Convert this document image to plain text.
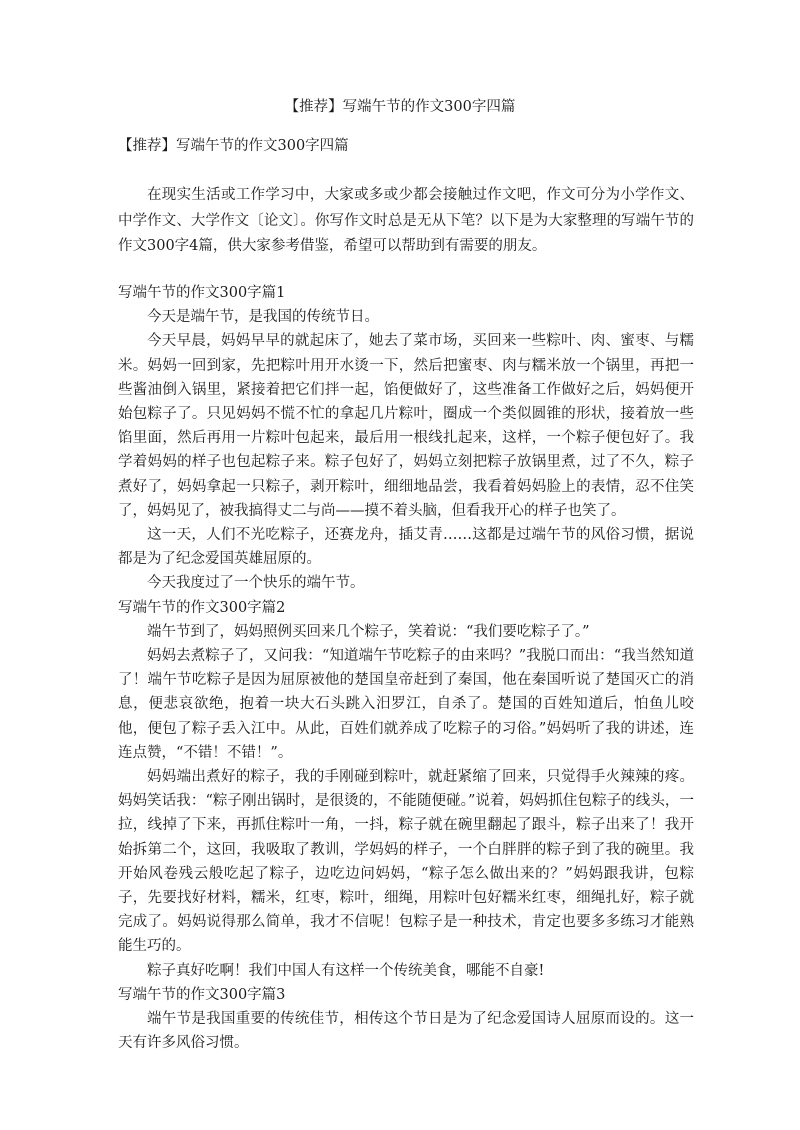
【推荐】写端午节的作文300字四篇
【推荐】写端午节的作文300字四篇

在现实生活或工作学习中，大家或多或少都会接触过作文吧，作文可分为小学作文、中学作文、大学作文〔论文〕。你写作文时总是无从下笔？以下是为大家整理的写端午节的作文300字4篇，供大家参考借鉴，希望可以帮助到有需要的朋友。

写端午节的作文300字篇1

今天是端午节，是我国的传统节日。

今天早晨，妈妈早早的就起床了，她去了菜市场，买回来一些粽叶、肉、蜜枣、与糯米。妈妈一回到家，先把粽叶用开水烫一下，然后把蜜枣、肉与糯米放一个锅里，再把一些酱油倒入锅里，紧接着把它们拌一起，馅便做好了，这些准备工作做好之后，妈妈便开始包粽子了。只见妈妈不慌不忙的拿起几片粽叶，圈成一个类似圆锥的形状，接着放一些馅里面，然后再用一片粽叶包起来，最后用一根线扎起来，这样，一个粽子便包好了。我学着妈妈的样子也包起粽子来。粽子包好了，妈妈立刻把粽子放锅里煮，过了不久，粽子煮好了，妈妈拿起一只粽子，剥开粽叶，细细地品尝，我看着妈妈脸上的表情，忍不住笑了，妈妈见了，被我搞得丈二与尚——摸不着头脑，但看我开心的样子也笑了。

这一天，人们不光吃粽子，还赛龙舟，插艾青……这都是过端午节的风俗习惯，据说都是为了纪念爱国英雄屈原的。

今天我度过了一个快乐的端午节。

写端午节的作文300字篇2

端午节到了，妈妈照例买回来几个粽子，笑着说：“我们要吃粽子了。”

妈妈去煮粽子了，又问我：“知道端午节吃粽子的由来吗？”我脱口而出：“我当然知道了！端午节吃粽子是因为屈原被他的楚国皇帝赶到了秦国，他在秦国听说了楚国灭亡的消息，便悲哀欲绝，抱着一块大石头跳入汨罗江，自杀了。楚国的百姓知道后，怕鱼儿咬他，便包了粽子丢入江中。从此，百姓们就养成了吃粽子的习俗。”妈妈听了我的讲述，连连点赞，“不错！不错！”。

妈妈端出煮好的粽子，我的手刚碰到粽叶，就赶紧缩了回来，只觉得手火辣辣的疼。妈妈笑话我：“粽子刚出锅时，是很烫的，不能随便碰。”说着，妈妈抓住包粽子的线头，一拉，线掉了下来，再抓住粽叶一角，一抖，粽子就在碗里翻起了跟斗，粽子出来了！我开始拆第二个，这回，我吸取了教训，学妈妈的样子，一个白胖胖的粽子到了我的碗里。我开始风卷残云般吃起了粽子，边吃边问妈妈，“粽子怎么做出来的？”妈妈跟我讲，包粽子，先要找好材料，糯米，红枣，粽叶，细绳，用粽叶包好糯米红枣，细绳扎好，粽子就完成了。妈妈说得那么简单，我才不信呢！包粽子是一种技术，肯定也要多多练习才能熟能生巧的。

粽子真好吃啊！我们中国人有这样一个传统美食，哪能不自豪!

写端午节的作文300字篇3

端午节是我国重要的传统佳节，相传这个节日是为了纪念爱国诗人屈原而设的。这一天有许多风俗习惯。
